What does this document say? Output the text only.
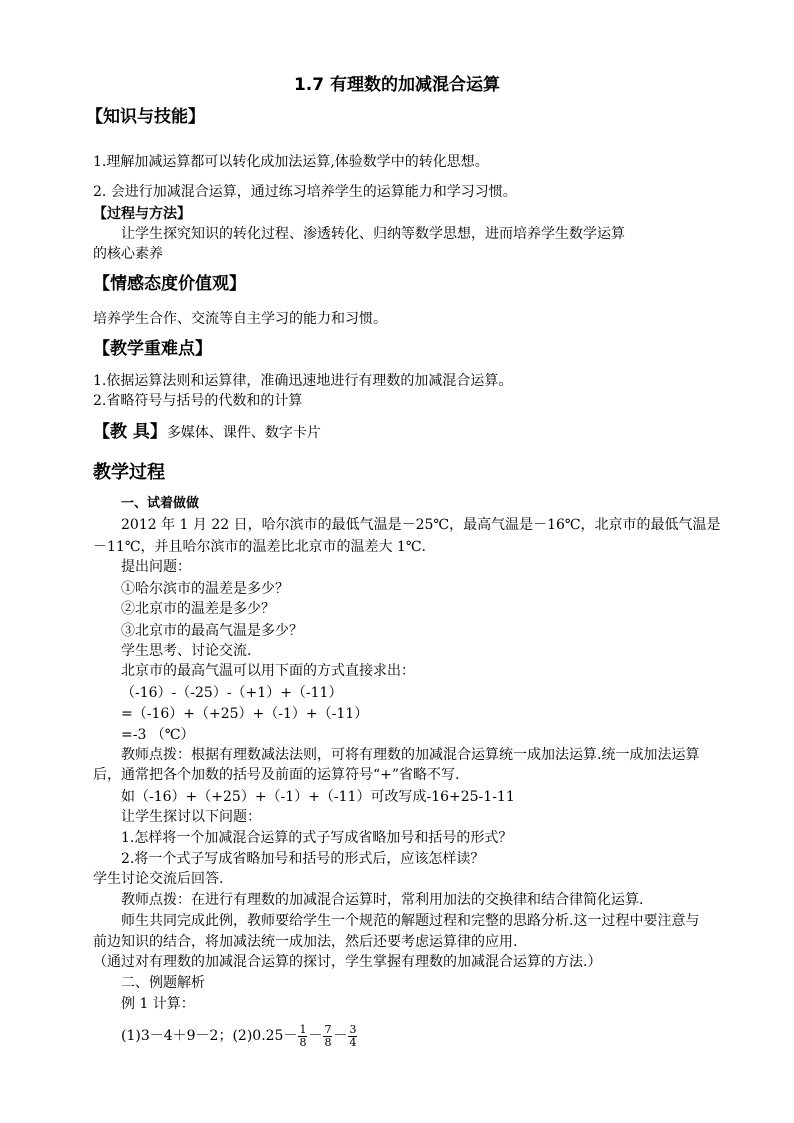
1.7 有理数的加减混合运算
【知识与技能】
1.理解加减运算都可以转化成加法运算,体验数学中的转化思想。
2. 会进行加减混合运算，通过练习培养学生的运算能力和学习习惯。
【过程与方法】
让学生探究知识的转化过程、渗透转化、归纳等数学思想，进而培养学生数学运算
的核心素养
【情感态度价值观】
培养学生合作、交流等自主学习的能力和习惯。
【教学重难点】
1.依据运算法则和运算律，准确迅速地进行有理数的加减混合运算。
2.省略符号与括号的代数和的计算
【教 具】多媒体、课件、数字卡片
教学过程
一、试着做做
2012 年 1 月 22 日，哈尔滨市的最低气温是－25℃，最高气温是－16℃，北京市的最低气温是
－11℃，并且哈尔滨市的温差比北京市的温差大 1℃.
提出问题：
①哈尔滨市的温差是多少？
②北京市的温差是多少？
③北京市的最高气温是多少？
学生思考、讨论交流.
北京市的最高气温可以用下面的方式直接求出：
（-16）-（-25）-（+1）+（-11）
=（-16）+（+25）+（-1）+（-11）
=-3 （℃）
教师点拨：根据有理数减法法则，可将有理数的加减混合运算统一成加法运算.统一成加法运算
后，通常把各个加数的括号及前面的运算符号“+”省略不写.
如（-16）+（+25）+（-1）+（-11）可改写成-16+25-1-11
让学生探讨以下问题：
1.怎样将一个加减混合运算的式子写成省略加号和括号的形式？
2.将一个式子写成省略加号和括号的形式后，应该怎样读？
学生讨论交流后回答.
教师点拨：在进行有理数的加减混合运算时，常利用加法的交换律和结合律简化运算.
师生共同完成此例，教师要给学生一个规范的解题过程和完整的思路分析.这一过程中要注意与
前边知识的结合，将加减法统一成加法，然后还要考虑运算律的应用.
（通过对有理数的加减混合运算的探讨，学生掌握有理数的加减混合运算的方法.）
二、例题解析
例 1 计算：
(1)3－4＋9－2；$(2)0.25- \frac{1}{8} - \frac{7}{8} - \frac{3}{4}$
